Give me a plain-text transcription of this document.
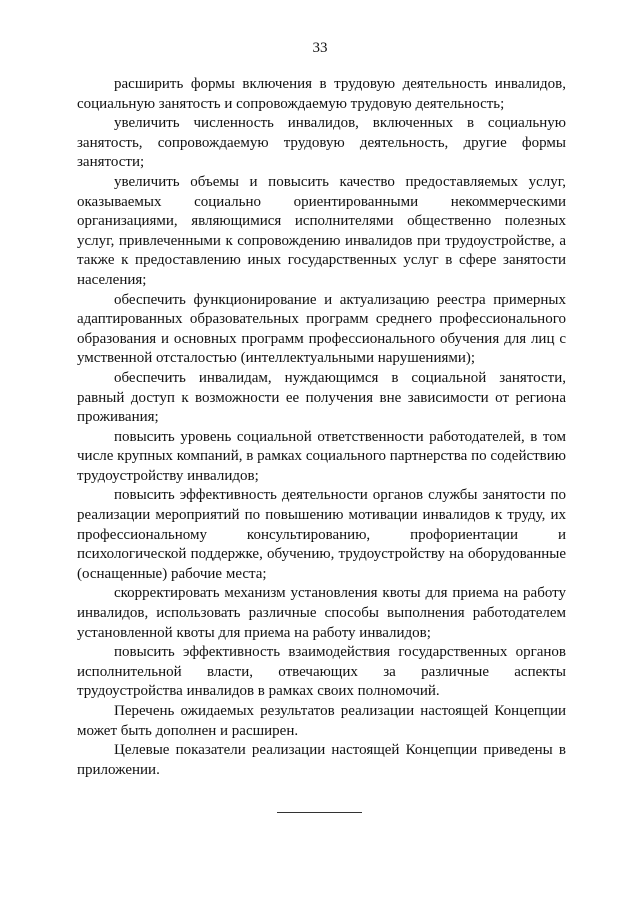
33

расширить формы включения в трудовую деятельность инвалидов, социальную занятость и сопровождаемую трудовую деятельность;

увеличить численность инвалидов, включенных в социальную занятость, сопровождаемую трудовую деятельность, другие формы занятости;

увеличить объемы и повысить качество предоставляемых услуг, оказываемых социально ориентированными некоммерческими организациями, являющимися исполнителями общественно полезных услуг, привлеченными к сопровождению инвалидов при трудоустройстве, а также к предоставлению иных государственных услуг в сфере занятости населения;

обеспечить функционирование и актуализацию реестра примерных адаптированных образовательных программ среднего профессионального образования и основных программ профессионального обучения для лиц с умственной отсталостью (интеллектуальными нарушениями);

обеспечить инвалидам, нуждающимся в социальной занятости, равный доступ к возможности ее получения вне зависимости от региона проживания;

повысить уровень социальной ответственности работодателей, в том числе крупных компаний, в рамках социального партнерства по содействию трудоустройству инвалидов;

повысить эффективность деятельности органов службы занятости по реализации мероприятий по повышению мотивации инвалидов к труду, их профессиональному консультированию, профориентации и психологической поддержке, обучению, трудоустройству на оборудованные (оснащенные) рабочие места;

скорректировать механизм установления квоты для приема на работу инвалидов, использовать различные способы выполнения работодателем установленной квоты для приема на работу инвалидов;

повысить эффективность взаимодействия государственных органов исполнительной власти, отвечающих за различные аспекты трудоустройства инвалидов в рамках своих полномочий.

Перечень ожидаемых результатов реализации настоящей Концепции может быть дополнен и расширен.

Целевые показатели реализации настоящей Концепции приведены в приложении.
